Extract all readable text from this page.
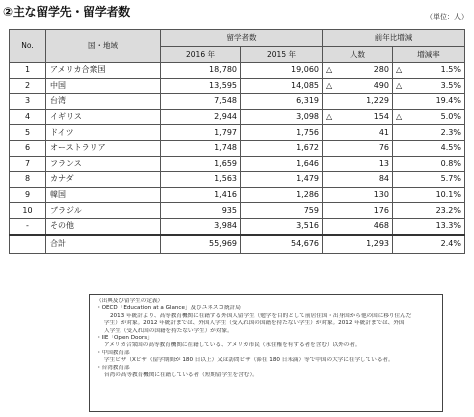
②主な留学先・留学者数	（単位：人）
No.	国・地域	留学者数		前年比増減	
		2016 年	2015 年	人数	増減率
1	アメリカ合衆国	18,780	19,060	△ 280	△ 1.5%

2	中国	13,595	14,085	△ 490	△ 3.5%

3	台湾	7,548	6,319	1,229	19.4%

4	イギリス	2,944	3,098	△ 154	△ 5.0%

5	ドイツ	1,797	1,756	41	2.3%

6	オーストラリア	1,748	1,672	76	4.5%

7	フランス	1,659	1,646	13	0.8%

8	カナダ	1,563	1,479	84	5.7%

9	韓国	1,416	1,286	130	10.1%

10	ブラジル	935	759	176	23.2%

-	その他	3,984	3,516	468	13.3%

	合計	55,969	54,676	1,293	2.4%
（出典及び留学生の定義）
・OECD「Education at a Glance」及びユネスコ統計局
2013 年統計より、高等教育機関に在籍する外国人留学生（勉学を目的として前居住国・出身国から他の国に移り住んだ
学生）が対象。2012 年統計までは、外国人学生（受入れ国の国籍を持たない学生）が対象。2012 年統計までは、外国
人学生（受入れ国の国籍を持たない学生）が対象。
・IIE「Open Doors」
アメリカ合衆国の高等教育機関に在籍している、アメリカ市民（永住権を有する者を含む）以外の者。
・中国教育部
学生ビザ（Xビザ（留学期間が 180 日以上）又は訪問ビザ（滞在 180 日未満）等で中国の大学に在学している者。
・台湾教育部
台湾の高等教育機関に在籍している者（短期留学生を含む）。
